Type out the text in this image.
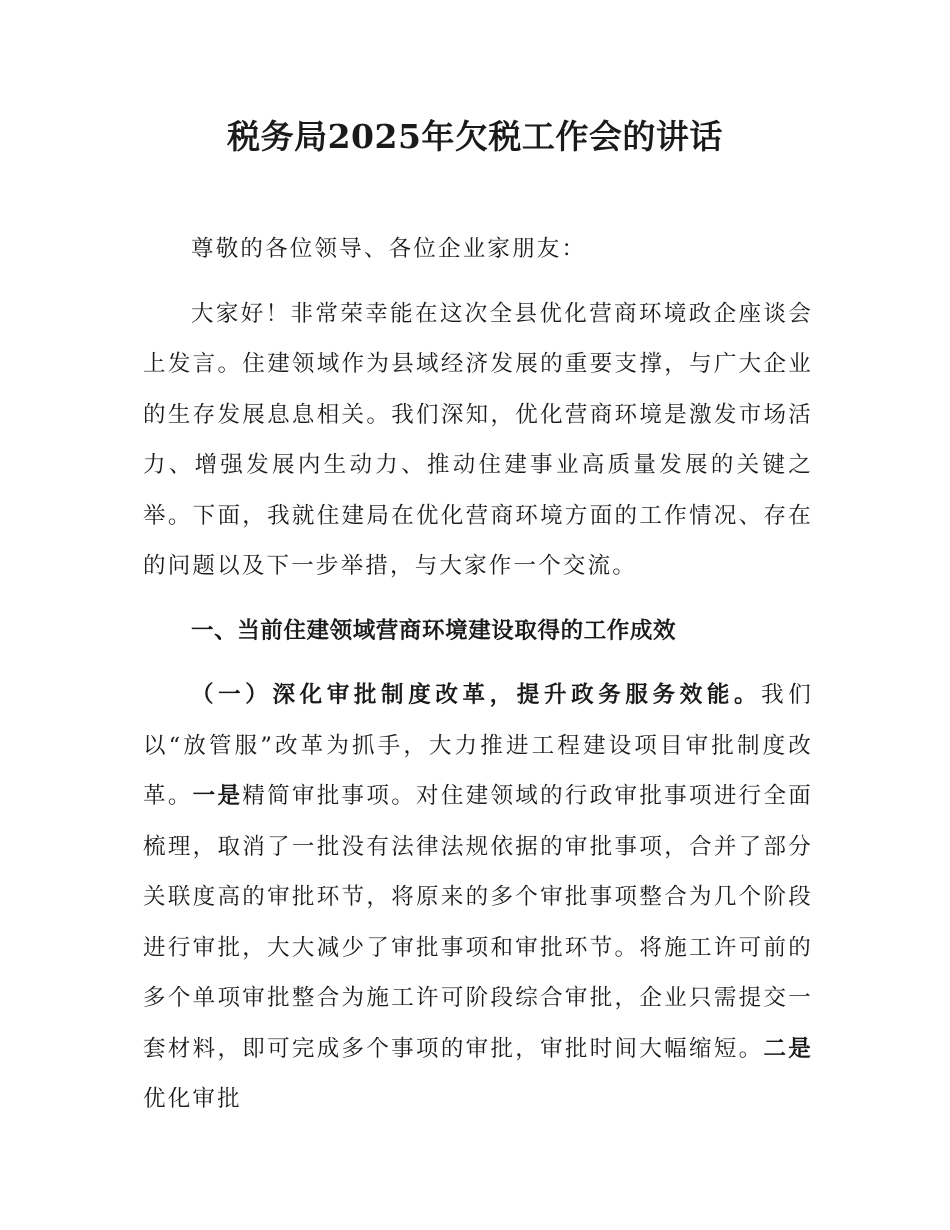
税务局2025年欠税工作会的讲话

尊敬的各位领导、各位企业家朋友：

大家好！非常荣幸能在这次全县优化营商环境政企座谈会上发言。住建领域作为县域经济发展的重要支撑，与广大企业的生存发展息息相关。我们深知，优化营商环境是激发市场活力、增强发展内生动力、推动住建事业高质量发展的关键之举。下面，我就住建局在优化营商环境方面的工作情况、存在的问题以及下一步举措，与大家作一个交流。

一、当前住建领域营商环境建设取得的工作成效

（一）深化审批制度改革，提升政务服务效能。我们以“放管服”改革为抓手，大力推进工程建设项目审批制度改革。一是精简审批事项。对住建领域的行政审批事项进行全面梳理，取消了一批没有法律法规依据的审批事项，合并了部分关联度高的审批环节，将原来的多个审批事项整合为几个阶段进行审批，大大减少了审批事项和审批环节。将施工许可前的多个单项审批整合为施工许可阶段综合审批，企业只需提交一套材料，即可完成多个事项的审批，审批时间大幅缩短。二是优化审批
